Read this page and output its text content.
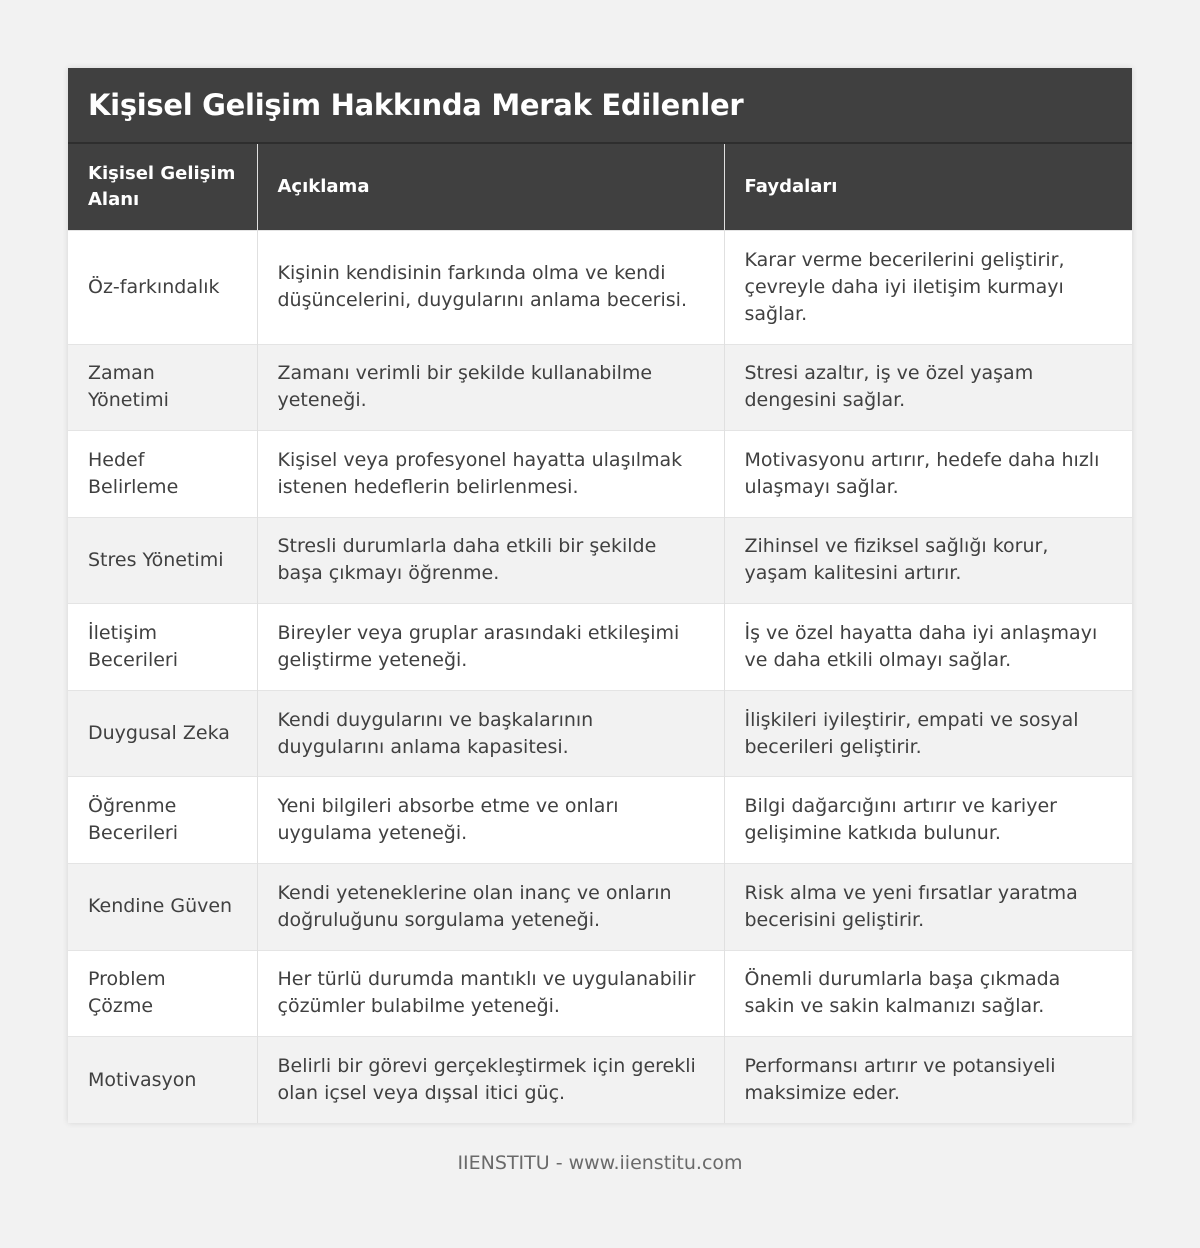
Kişisel Gelişim Hakkında Merak Edilenler
Kişisel Gelişim Alanı	Açıklama	Faydaları
Öz-farkındalık	Kişinin kendisinin farkında olma ve kendi düşüncelerini, duygularını anlama becerisi.	Karar verme becerilerini geliştirir, çevreyle daha iyi iletişim kurmayı sağlar.
Zaman Yönetimi	Zamanı verimli bir şekilde kullanabilme yeteneği.	Stresi azaltır, iş ve özel yaşam dengesini sağlar.
Hedef Belirleme	Kişisel veya profesyonel hayatta ulaşılmak istenen hedeflerin belirlenmesi.	Motivasyonu artırır, hedefe daha hızlı ulaşmayı sağlar.
Stres Yönetimi	Stresli durumlarla daha etkili bir şekilde başa çıkmayı öğrenme.	Zihinsel ve fiziksel sağlığı korur, yaşam kalitesini artırır.
İletişim Becerileri	Bireyler veya gruplar arasındaki etkileşimi geliştirme yeteneği.	İş ve özel hayatta daha iyi anlaşmayı ve daha etkili olmayı sağlar.
Duygusal Zeka	Kendi duygularını ve başkalarının duygularını anlama kapasitesi.	İlişkileri iyileştirir, empati ve sosyal becerileri geliştirir.
Öğrenme Becerileri	Yeni bilgileri absorbe etme ve onları uygulama yeteneği.	Bilgi dağarcığını artırır ve kariyer gelişimine katkıda bulunur.
Kendine Güven	Kendi yeteneklerine olan inanç ve onların doğruluğunu sorgulama yeteneği.	Risk alma ve yeni fırsatlar yaratma becerisini geliştirir.
Problem Çözme	Her türlü durumda mantıklı ve uygulanabilir çözümler bulabilme yeteneği.	Önemli durumlarla başa çıkmada sakin ve sakin kalmanızı sağlar.
Motivasyon	Belirli bir görevi gerçekleştirmek için gerekli olan içsel veya dışsal itici güç.	Performansı artırır ve potansiyeli maksimize eder.
IIENSTITU - www.iienstitu.com
